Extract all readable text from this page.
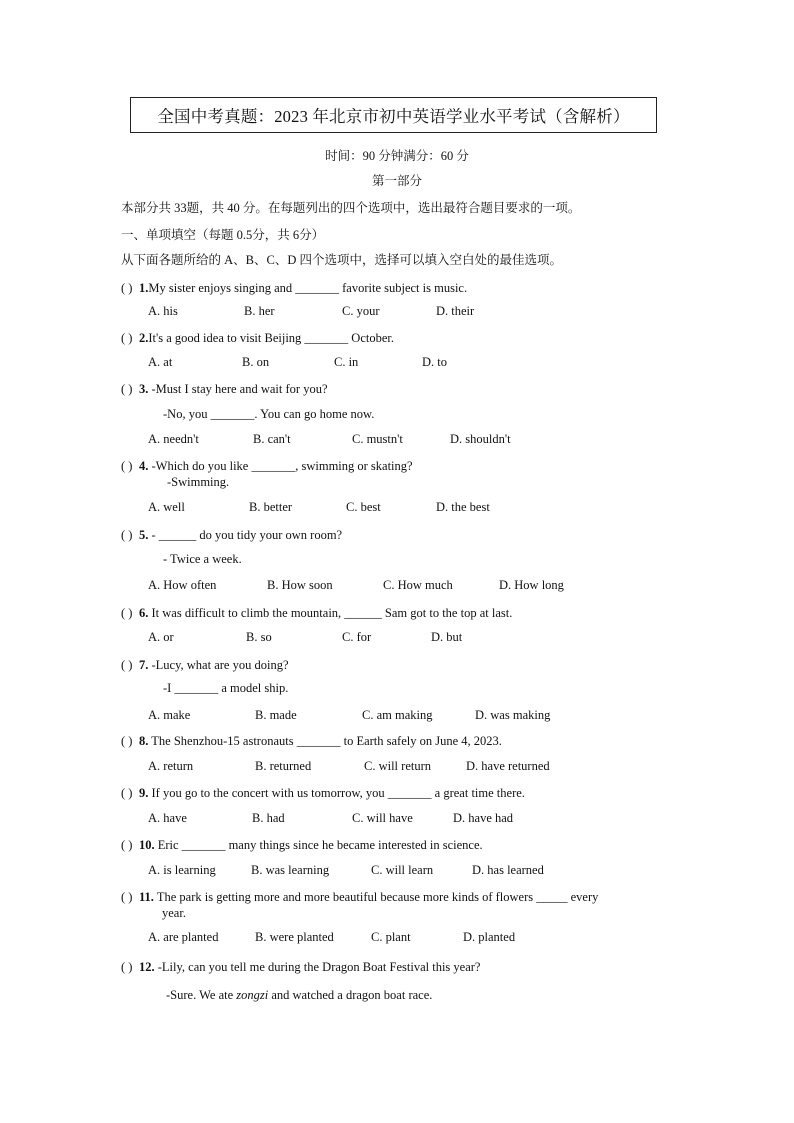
全国中考真题：2023 年北京市初中英语学业水平考试（含解析）
时间：90 分钟满分：60 分
第一部分
本部分共 33题，共 40 分。在每题列出的四个选项中，选出最符合题目要求的一项。
一、单项填空（每题 0.5分，共 6分）
从下面各题所给的 A、B、C、D 四个选项中，选择可以填入空白处的最佳选项。
( ) 1.My sister enjoys singing and _______ favorite subject is music.
A. his	B. her	C. your	D. their
( ) 2.It's a good idea to visit Beijing _______ October.
A. at	B. on	C. in	D. to
( ) 3. -Must I stay here and wait for you?
-No, you _______. You can go home now.
A. needn't	B. can't	C. mustn't	D. shouldn't
( ) 4. -Which do you like _______, swimming or skating?
-Swimming.
A. well	B. better	C. best	D. the best
( ) 5. - ______ do you tidy your own room?
- Twice a week.
A. How often	B. How soon	C. How much	D. How long
( ) 6. It was difficult to climb the mountain, ______ Sam got to the top at last.
A. or	B. so	C. for	D. but
( ) 7. -Lucy, what are you doing?
-I _______ a model ship.
A. make	B. made	C. am making	D. was making
( ) 8. The Shenzhou-15 astronauts _______ to Earth safely on June 4, 2023.
A. return	B. returned	C. will return	D. have returned
( ) 9. If you go to the concert with us tomorrow, you _______ a great time there.
A. have	B. had	C. will have	D. have had
( ) 10. Eric _______ many things since he became interested in science.
A. is learning	B. was learning	C. will learn	D. has learned
( ) 11. The park is getting more and more beautiful because more kinds of flowers _____ every
year.
A. are planted	B. were planted	C. plant	D. planted
( ) 12. -Lily, can you tell me during the Dragon Boat Festival this year?
-Sure. We ate zongzi and watched a dragon boat race.
